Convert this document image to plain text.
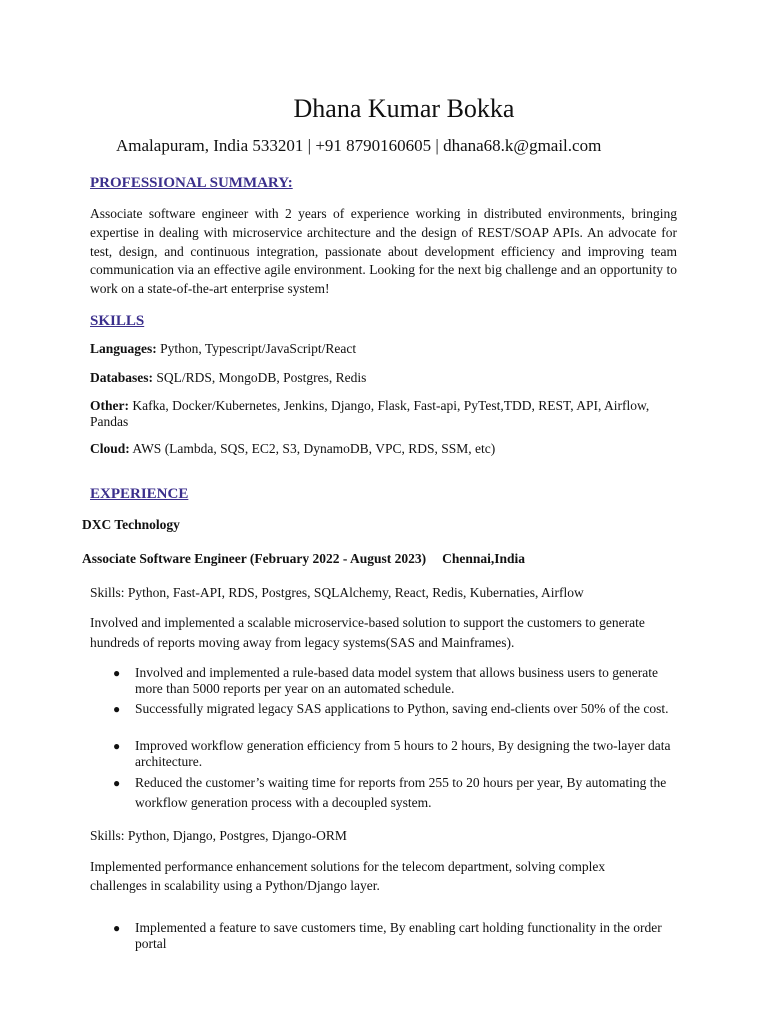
Dhana Kumar Bokka
Amalapuram, India 533201 | +91 8790160605 | dhana68.k@gmail.com
PROFESSIONAL SUMMARY:

Associate software engineer with 2 years of experience working in distributed environments, bringing expertise in dealing with microservice architecture and the design of REST/SOAP APIs. An advocate for test, design, and continuous integration, passionate about development efficiency and improving team communication via an effective agile environment. Looking for the next big challenge and an opportunity to work on a state-of-the-art enterprise system!

SKILLS
Languages: Python, Typescript/JavaScript/React
Databases: SQL/RDS, MongoDB, Postgres, Redis
Other: Kafka, Docker/Kubernetes, Jenkins, Django, Flask, Fast-api, PyTest,TDD, REST, API, Airflow, Pandas
Cloud: AWS (Lambda, SQS, EC2, S3, DynamoDB, VPC, RDS, SSM, etc)
EXPERIENCE
DXC Technology
Associate Software Engineer (February 2022 - August 2023) Chennai,India
Skills: Python, Fast-API, RDS, Postgres, SQLAlchemy, React, Redis, Kubernaties, Airflow
Involved and implemented a scalable microservice-based solution to support the customers to generate hundreds of reports moving away from legacy systems(SAS and Mainframes).
● Involved and implemented a rule-based data model system that allows business users to generate more than 5000 reports per year on an automated schedule.
● Successfully migrated legacy SAS applications to Python, saving end-clients over 50% of the cost.
● Improved workflow generation efficiency from 5 hours to 2 hours, By designing the two-layer data architecture.
● Reduced the customer’s waiting time for reports from 255 to 20 hours per year, By automating the workflow generation process with a decoupled system.
Skills: Python, Django, Postgres, Django-ORM
Implemented performance enhancement solutions for the telecom department, solving complex challenges in scalability using a Python/Django layer.
● Implemented a feature to save customers time, By enabling cart holding functionality in the order portal
